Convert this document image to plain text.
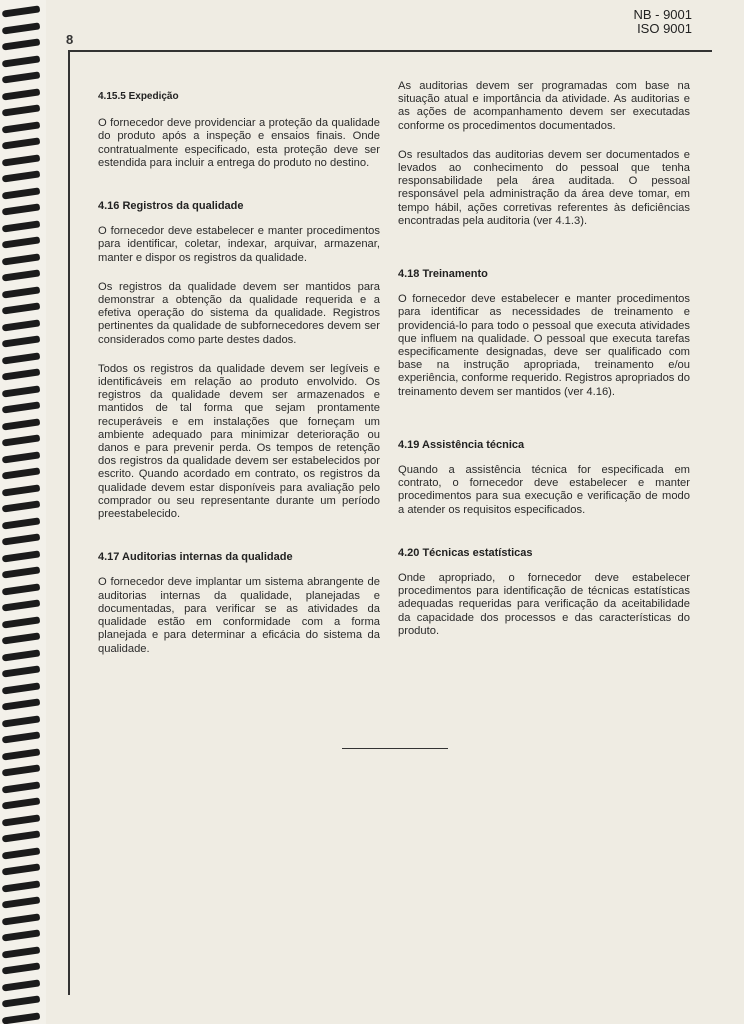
8
NB - 9001
ISO 9001
4.15.5 Expedição

O fornecedor deve providenciar a proteção da qualidade do produto após a inspeção e ensaios finais. Onde contratualmente especificado, esta proteção deve ser estendida para incluir a entrega do produto no destino.

4.16 Registros da qualidade

O fornecedor deve estabelecer e manter procedimentos para identificar, coletar, indexar, arquivar, armazenar, manter e dispor os registros da qualidade.

Os registros da qualidade devem ser mantidos para demonstrar a obtenção da qualidade requerida e a efetiva operação do sistema da qualidade. Registros pertinentes da qualidade de subfornecedores devem ser considerados como parte destes dados.

Todos os registros da qualidade devem ser legíveis e identificáveis em relação ao produto envolvido. Os registros da qualidade devem ser armazenados e mantidos de tal forma que sejam prontamente recuperáveis e em instalações que forneçam um ambiente adequado para minimizar deterioração ou danos e para prevenir perda. Os tempos de retenção dos registros da qualidade devem ser estabelecidos por escrito. Quando acordado em contrato, os registros da qualidade devem estar disponíveis para avaliação pelo comprador ou seu representante durante um período preestabelecido.

4.17 Auditorias internas da qualidade

O fornecedor deve implantar um sistema abrangente de auditorias internas da qualidade, planejadas e documentadas, para verificar se as atividades da qualidade estão em conformidade com a forma planejada e para determinar a eficácia do sistema da qualidade.

As auditorias devem ser programadas com base na situação atual e importância da atividade. As auditorias e as ações de acompanhamento devem ser executadas conforme os procedimentos documentados.

Os resultados das auditorias devem ser documentados e levados ao conhecimento do pessoal que tenha responsabilidade pela área auditada. O pessoal responsável pela administração da área deve tomar, em tempo hábil, ações corretivas referentes às deficiências encontradas pela auditoria (ver 4.1.3).

4.18 Treinamento

O fornecedor deve estabelecer e manter procedimentos para identificar as necessidades de treinamento e providenciá-lo para todo o pessoal que executa atividades que influem na qualidade. O pessoal que executa tarefas especificamente designadas, deve ser qualificado com base na instrução apropriada, treinamento e/ou experiência, conforme requerido. Registros apropriados do treinamento devem ser mantidos (ver 4.16).

4.19 Assistência técnica

Quando a assistência técnica for especificada em contrato, o fornecedor deve estabelecer e manter procedimentos para sua execução e verificação de modo a atender os requisitos especificados.

4.20 Técnicas estatísticas

Onde apropriado, o fornecedor deve estabelecer procedimentos para identificação de técnicas estatísticas adequadas requeridas para verificação da aceitabilidade da capacidade dos processos e das características do produto.
